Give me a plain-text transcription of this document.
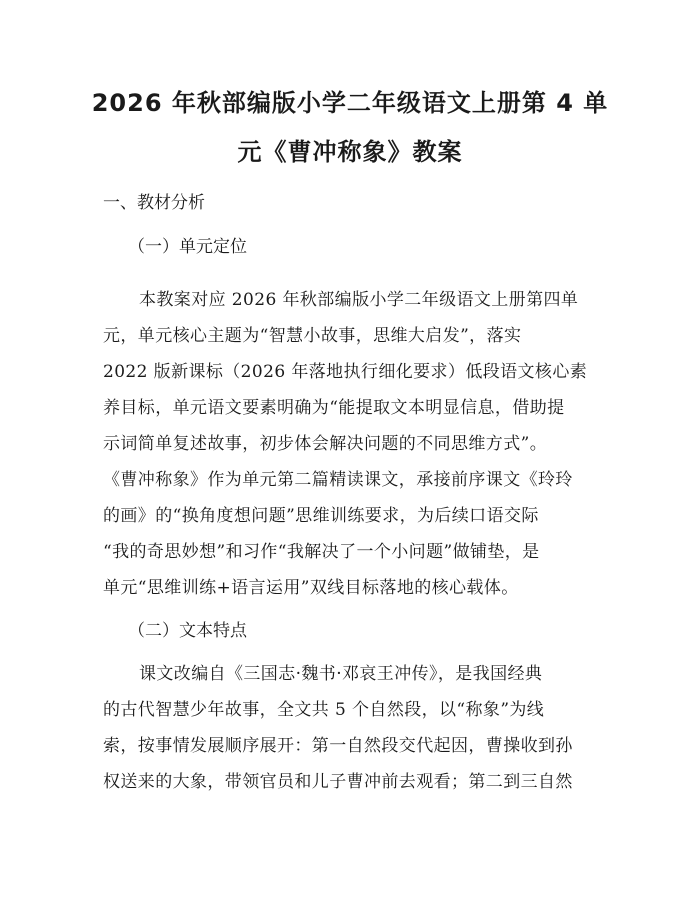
2026 年秋部编版小学二年级语文上册第 4 单
元《曹冲称象》教案
一、教材分析
（一）单元定位
本教案对应 2026 年秋部编版小学二年级语文上册第四单
元，单元核心主题为“智慧小故事，思维大启发”，落实
2022 版新课标（2026 年落地执行细化要求）低段语文核心素
养目标，单元语文要素明确为“能提取文本明显信息，借助提
示词简单复述故事，初步体会解决问题的不同思维方式”。
《曹冲称象》作为单元第二篇精读课文，承接前序课文《玲玲
的画》的“换角度想问题”思维训练要求，为后续口语交际
“我的奇思妙想”和习作“我解决了一个小问题”做铺垫，是
单元“思维训练+语言运用”双线目标落地的核心载体。
（二）文本特点
课文改编自《三国志·魏书·邓哀王冲传》，是我国经典
的古代智慧少年故事，全文共 5 个自然段，以“称象”为线
索，按事情发展顺序展开：第一自然段交代起因，曹操收到孙
权送来的大象，带领官员和儿子曹冲前去观看；第二到三自然
